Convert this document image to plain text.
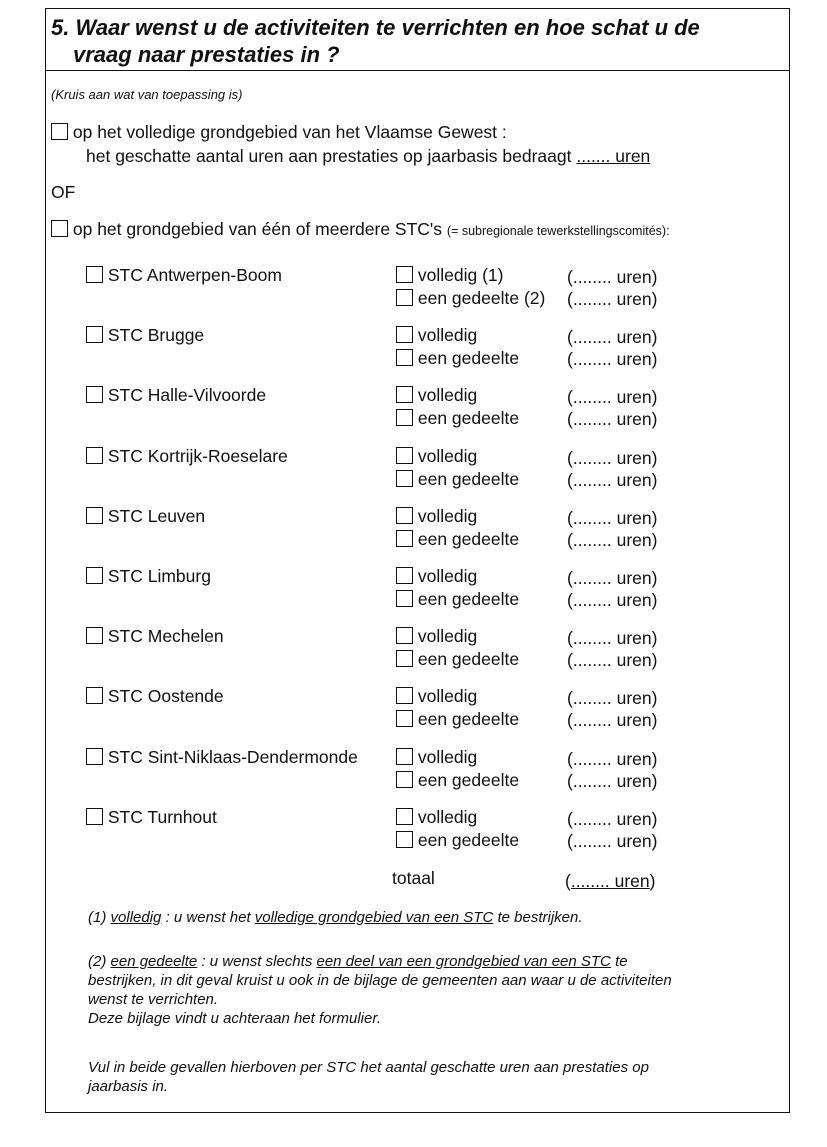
5. Waar wenst u de activiteiten te verrichten en hoe schat u de
vraag naar prestaties in ?
(Kruis aan wat van toepassing is)
op het volledige grondgebied van het Vlaamse Gewest :
het geschatte aantal uren aan prestaties op jaarbasis bedraagt ....... uren
OF
op het grondgebied van één of meerdere STC's (= subregionale tewerkstellingscomités):
STC Antwerpen-Boom	volledig (1)	(........ uren)
een gedeelte (2) (........ uren)
STC Brugge	volledig	(........ uren)
een gedeelte	(........ uren)
STC Halle-Vilvoorde	volledig	(........ uren)
een gedeelte	(........ uren)
STC Kortrijk-Roeselare	volledig	(........ uren)
een gedeelte	(........ uren)
STC Leuven	volledig	(........ uren)
een gedeelte	(........ uren)
STC Limburg	volledig	(........ uren)
een gedeelte	(........ uren)
STC Mechelen	volledig	(........ uren)
een gedeelte	(........ uren)
STC Oostende	volledig	(........ uren)
een gedeelte	(........ uren)
STC Sint-Niklaas-Dendermonde	volledig	(........ uren)
een gedeelte	(........ uren)
STC Turnhout	volledig	(........ uren)
een gedeelte	(........ uren)
totaal	(........ uren)
(1) volledig : u wenst het volledige grondgebied van een STC te bestrijken.
(2) een gedeelte : u wenst slechts een deel van een grondgebied van een STC te
bestrijken, in dit geval kruist u ook in de bijlage de gemeenten aan waar u de activiteiten
wenst te verrichten.
Deze bijlage vindt u achteraan het formulier.
Vul in beide gevallen hierboven per STC het aantal geschatte uren aan prestaties op
jaarbasis in.
